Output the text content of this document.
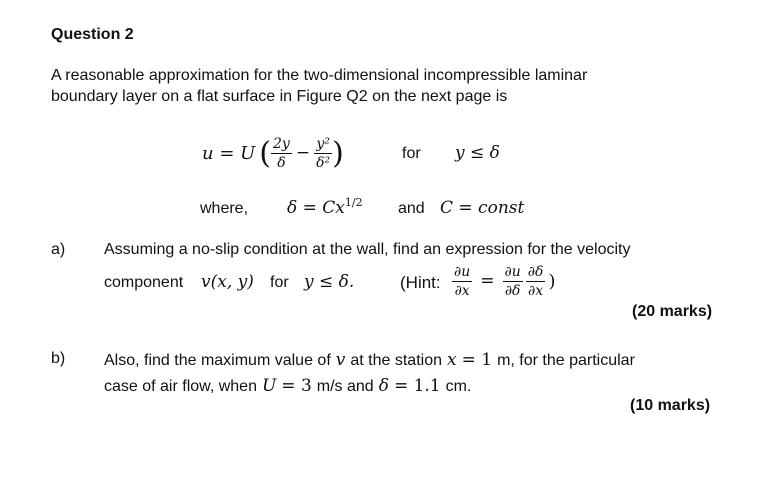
Question 2
A reasonable approximation for the two-dimensional incompressible laminar
boundary layer on a flat surface in Figure Q2 on the next page is
u = U ( $\frac{2y}{\delta} - \frac{\text{y²}}{\text{δ²}}$ )	for y ≤ δ
where, $\delta = Cx^{1/2}$ and C = const
a) Assuming a no-slip condition at the wall, find an expression for the velocity
component v(x, y) for y ≤ δ.	(Hint: $\frac{\partial u}{\partial x} = \frac{\partial u}{\partial\delta} \frac{\partial\delta}{\partial x}$ )
(20 marks)
b) Also, find the maximum value of v at the station x = 1 m, for the particular
case of air flow, when U = 3 m/s and δ = 1.1 cm.
(10 marks)
